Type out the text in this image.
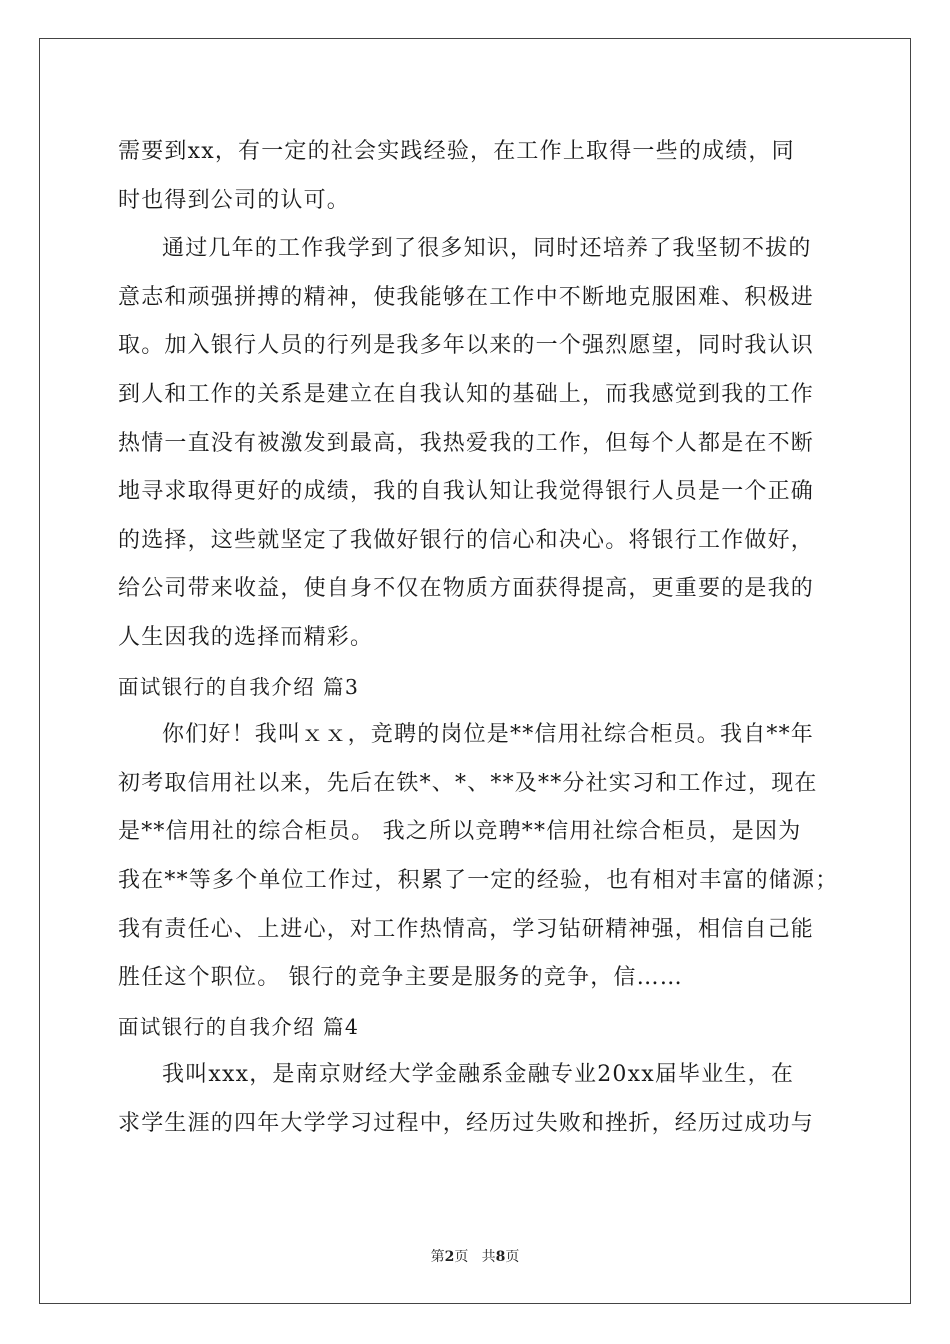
需要到xx，有一定的社会实践经验，在工作上取得一些的成绩，同
时也得到公司的认可。
通过几年的工作我学到了很多知识，同时还培养了我坚韧不拔的
意志和顽强拼搏的精神，使我能够在工作中不断地克服困难、积极进
取。加入银行人员的行列是我多年以来的一个强烈愿望，同时我认识
到人和工作的关系是建立在自我认知的基础上，而我感觉到我的工作
热情一直没有被激发到最高，我热爱我的工作，但每个人都是在不断
地寻求取得更好的成绩，我的自我认知让我觉得银行人员是一个正确
的选择，这些就坚定了我做好银行的信心和决心。将银行工作做好，
给公司带来收益，使自身不仅在物质方面获得提高，更重要的是我的
人生因我的选择而精彩。
面试银行的自我介绍 篇3
你们好！我叫ｘｘ，竞聘的岗位是**信用社综合柜员。我自**年
初考取信用社以来，先后在铁*、*、**及**分社实习和工作过，现在
是**信用社的综合柜员。 我之所以竞聘**信用社综合柜员，是因为
我在**等多个单位工作过，积累了一定的经验，也有相对丰富的储源；
我有责任心、上进心，对工作热情高，学习钻研精神强，相信自己能
胜任这个职位。 银行的竞争主要是服务的竞争，信……
面试银行的自我介绍 篇4
我叫xxx，是南京财经大学金融系金融专业20xx届毕业生，在
求学生涯的四年大学学习过程中，经历过失败和挫折，经历过成功与
第2页 共8页
